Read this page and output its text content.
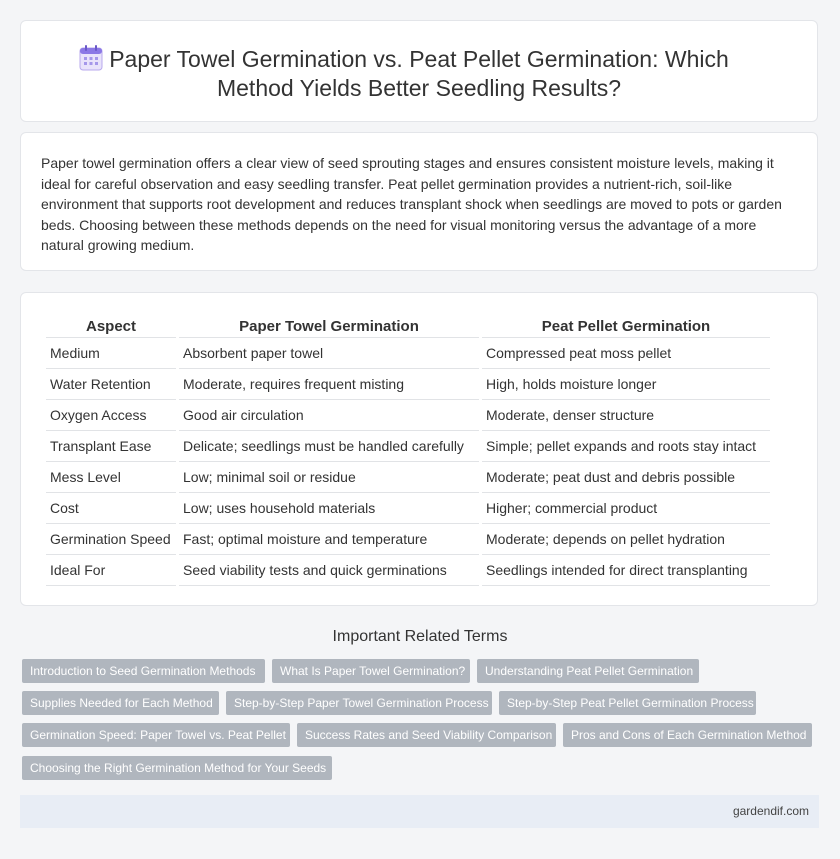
Paper Towel Germination vs. Peat Pellet Germination: Which Method Yields Better Seedling Results?

Paper towel germination offers a clear view of seed sprouting stages and ensures consistent moisture levels, making it ideal for careful observation and easy seedling transfer. Peat pellet germination provides a nutrient-rich, soil-like environment that supports root development and reduces transplant shock when seedlings are moved to pots or garden beds. Choosing between these methods depends on the need for visual monitoring versus the advantage of a more natural growing medium.

Aspect	Paper Towel Germination	Peat Pellet Germination
Medium	Absorbent paper towel	Compressed peat moss pellet
Water Retention	Moderate, requires frequent misting	High, holds moisture longer
Oxygen Access	Good air circulation	Moderate, denser structure
Transplant Ease	Delicate; seedlings must be handled carefully	Simple; pellet expands and roots stay intact
Mess Level	Low; minimal soil or residue	Moderate; peat dust and debris possible
Cost	Low; uses household materials	Higher; commercial product
Germination Speed	Fast; optimal moisture and temperature	Moderate; depends on pellet hydration
Ideal For	Seed viability tests and quick germinations	Seedlings intended for direct transplanting
Important Related Terms
Introduction to Seed Germination Methods	What Is Paper Towel Germination?	Understanding Peat Pellet Germination
Supplies Needed for Each Method	Step-by-Step Paper Towel Germination Process	Step-by-Step Peat Pellet Germination Process
Germination Speed: Paper Towel vs. Peat Pellet	Success Rates and Seed Viability Comparison	Pros and Cons of Each Germination Method
Choosing the Right Germination Method for Your Seeds
gardendif.com
